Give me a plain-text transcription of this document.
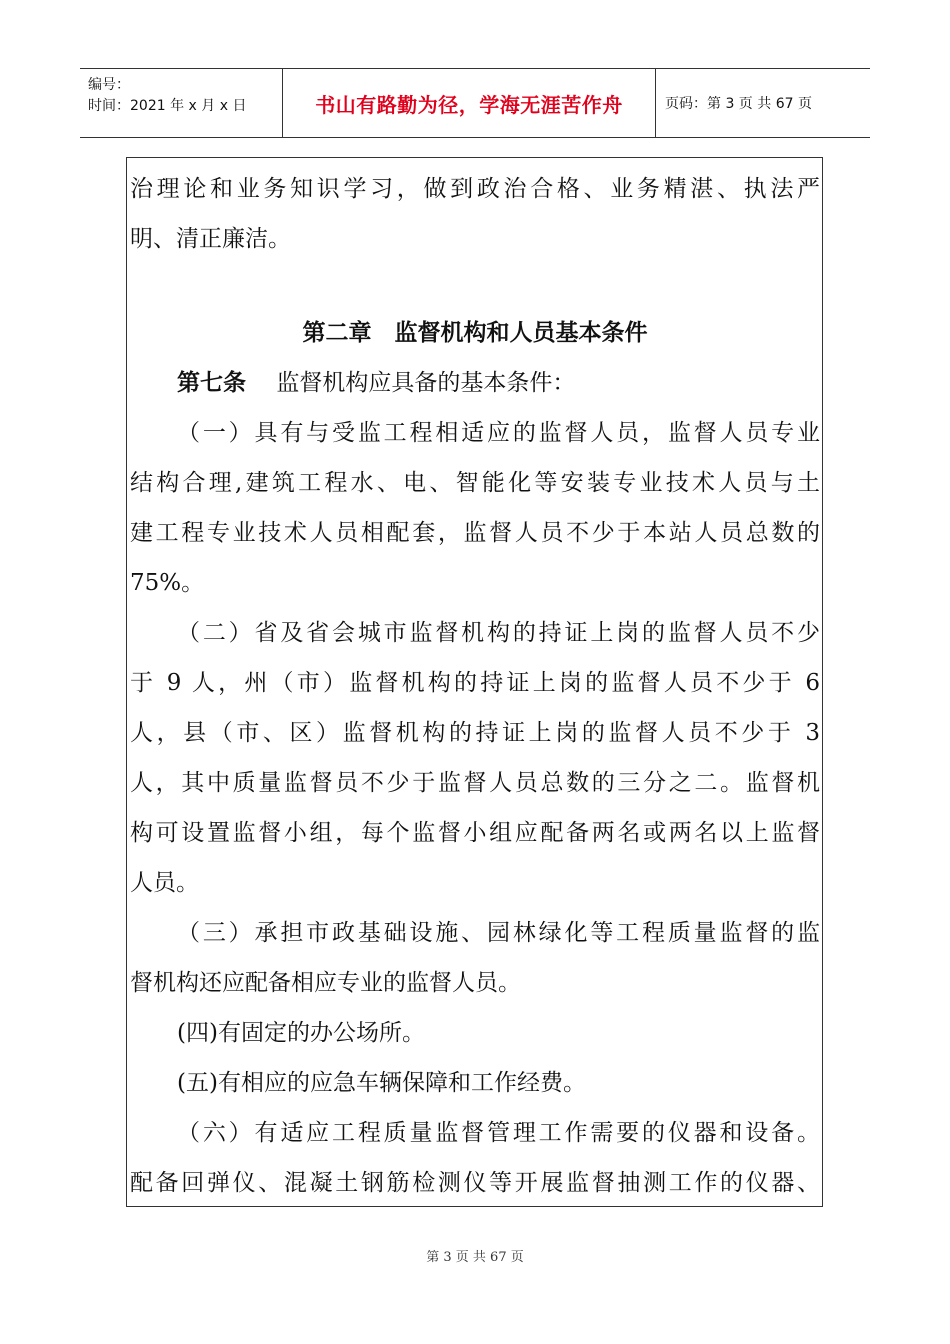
编号：
时间：2021 年 x 月 x 日	书山有路勤为径，学海无涯苦作舟	页码：第 3 页 共 67 页
治理论和业务知识学习，做到政治合格、业务精湛、执法严
明、清正廉洁。
第二章　监督机构和人员基本条件
第七条 监督机构应具备的基本条件：
（一）具有与受监工程相适应的监督人员，监督人员专业
结构合理,建筑工程水、电、智能化等安装专业技术人员与土
建工程专业技术人员相配套，监督人员不少于本站人员总数的
75%。
（二）省及省会城市监督机构的持证上岗的监督人员不少
于 9 人，州（市）监督机构的持证上岗的监督人员不少于 6
人，县（市、区）监督机构的持证上岗的监督人员不少于 3
人，其中质量监督员不少于监督人员总数的三分之二。监督机
构可设置监督小组，每个监督小组应配备两名或两名以上监督
人员。
（三）承担市政基础设施、园林绿化等工程质量监督的监
督机构还应配备相应专业的监督人员。
(四)有固定的办公场所。
(五)有相应的应急车辆保障和工作经费。
（六）有适应工程质量监督管理工作需要的仪器和设备。
配备回弹仪、混凝土钢筋检测仪等开展监督抽测工作的仪器、
第 3 页 共 67 页
